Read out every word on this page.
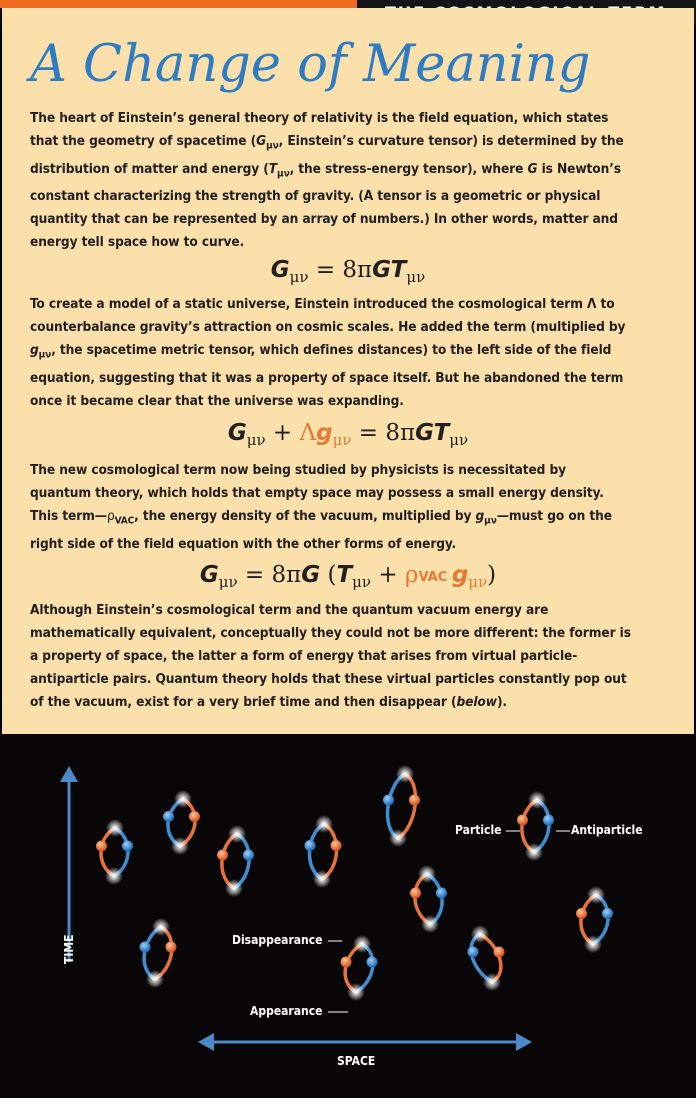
A Change of Meaning

The heart of Einstein’s general theory of relativity is the field equation, which states
that the geometry of spacetime ($G_{\mu\nu}$, Einstein’s curvature tensor) is determined by the
distribution of matter and energy ($T_{\mu\nu}$, the stress-energy tensor), where G is Newton’s
constant characterizing the strength of gravity. (A tensor is a geometric or physical
quantity that can be represented by an array of numbers.) In other words, matter and
energy tell space how to curve.

$G_{\mu\nu} = 8\pi GT_{\mu\nu}$

To create a model of a static universe, Einstein introduced the cosmological term Λ to
counterbalance gravity’s attraction on cosmic scales. He added the term (multiplied by
$g_{\mu\nu}$, the spacetime metric tensor, which defines distances) to the left side of the field
equation, suggesting that it was a property of space itself. But he abandoned the term
once it became clear that the universe was expanding.

$G_{\mu\nu} + \Lambda g_{\mu\nu} = 8\pi GT_{\mu\nu}$

The new cosmological term now being studied by physicists is necessitated by
quantum theory, which holds that empty space may possess a small energy density.
This $term—\rho_{VAC}$, the energy density of the vacuum, multiplied by $g_{\mu\nu}—must$ go on the
right side of the field equation with the other forms of energy.

$G_{\mu\nu} = 8\pi G$ ($T_{\mu\nu} + \rho VAC$  $g_{\mu\nu}$)

Although Einstein’s cosmological term and the quantum vacuum energy are
mathematically equivalent, conceptually they could not be more different: the former is
a property of space, the latter a form of energy that arises from virtual particle-
antiparticle pairs. Quantum theory holds that these virtual particles constantly pop out
of the vacuum, exist for a very brief time and then disappear (below).

Particle	Antiparticle
Disappearance
Appearance
TIME
SPACE
